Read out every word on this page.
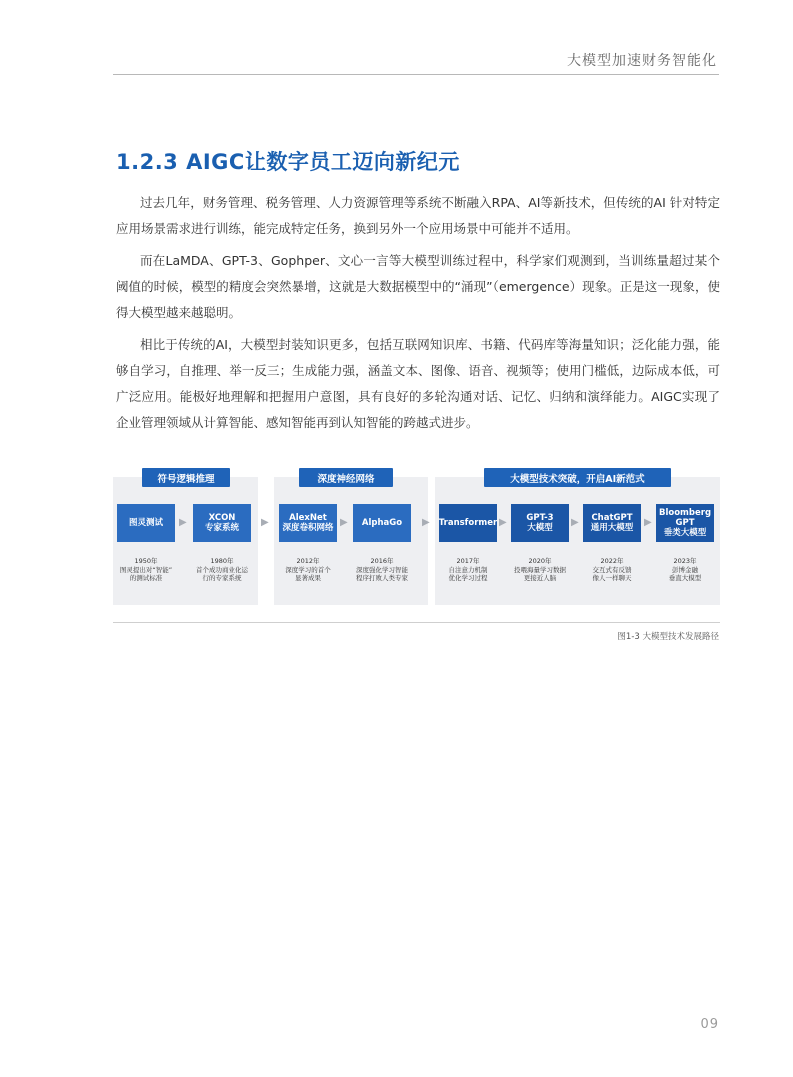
大模型加速财务智能化
1.2.3 AIGC让数字员工迈向新纪元

过去几年，财务管理、税务管理、人力资源管理等系统不断融入RPA、AI等新技术，但传统的AI 针对特定应用场景需求进行训练，能完成特定任务，换到另外一个应用场景中可能并不适用。

而在LaMDA、GPT-3、Gophper、文心一言等大模型训练过程中，科学家们观测到，当训练量超过某个阈值的时候，模型的精度会突然暴增，这就是大数据模型中的“涌现”（emergence）现象。正是这一现象，使得大模型越来越聪明。

相比于传统的AI，大模型封装知识更多，包括互联网知识库、书籍、代码库等海量知识；泛化能力强，能够自学习，自推理、举一反三；生成能力强，涵盖文本、图像、语音、视频等；使用门槛低，边际成本低，可广泛应用。能极好地理解和把握用户意图，具有良好的多轮沟通对话、记忆、归纳和演绎能力。AIGC实现了企业管理领域从计算智能、感知智能再到认知智能的跨越式进步。

符号逻辑推理	深度神经网络	大模型技术突破，开启AI新范式
图灵测试	XCON
专家系统
AlexNet
深度卷积网络	AlphaGo	Transformer	GPT-3
大模型
ChatGPT
通用大模型
Bloomberg
GPT
垂类大模型
▶	▶	▶	▶	▶	▶	▶
1950年
图灵提出对“智能”
的测试标准
1980年
首个成功商业化运
行的专家系统
2012年
深度学习的首个
显著成果
2016年
深度强化学习智能
程序打败人类专家
2017年
自注意力机制
优化学习过程
2020年
投喂海量学习数据
更接近人脑
2022年
交互式有反馈
像人一样聊天
2023年
彭博金融
垂直大模型
图1-3 大模型技术发展路径
09
